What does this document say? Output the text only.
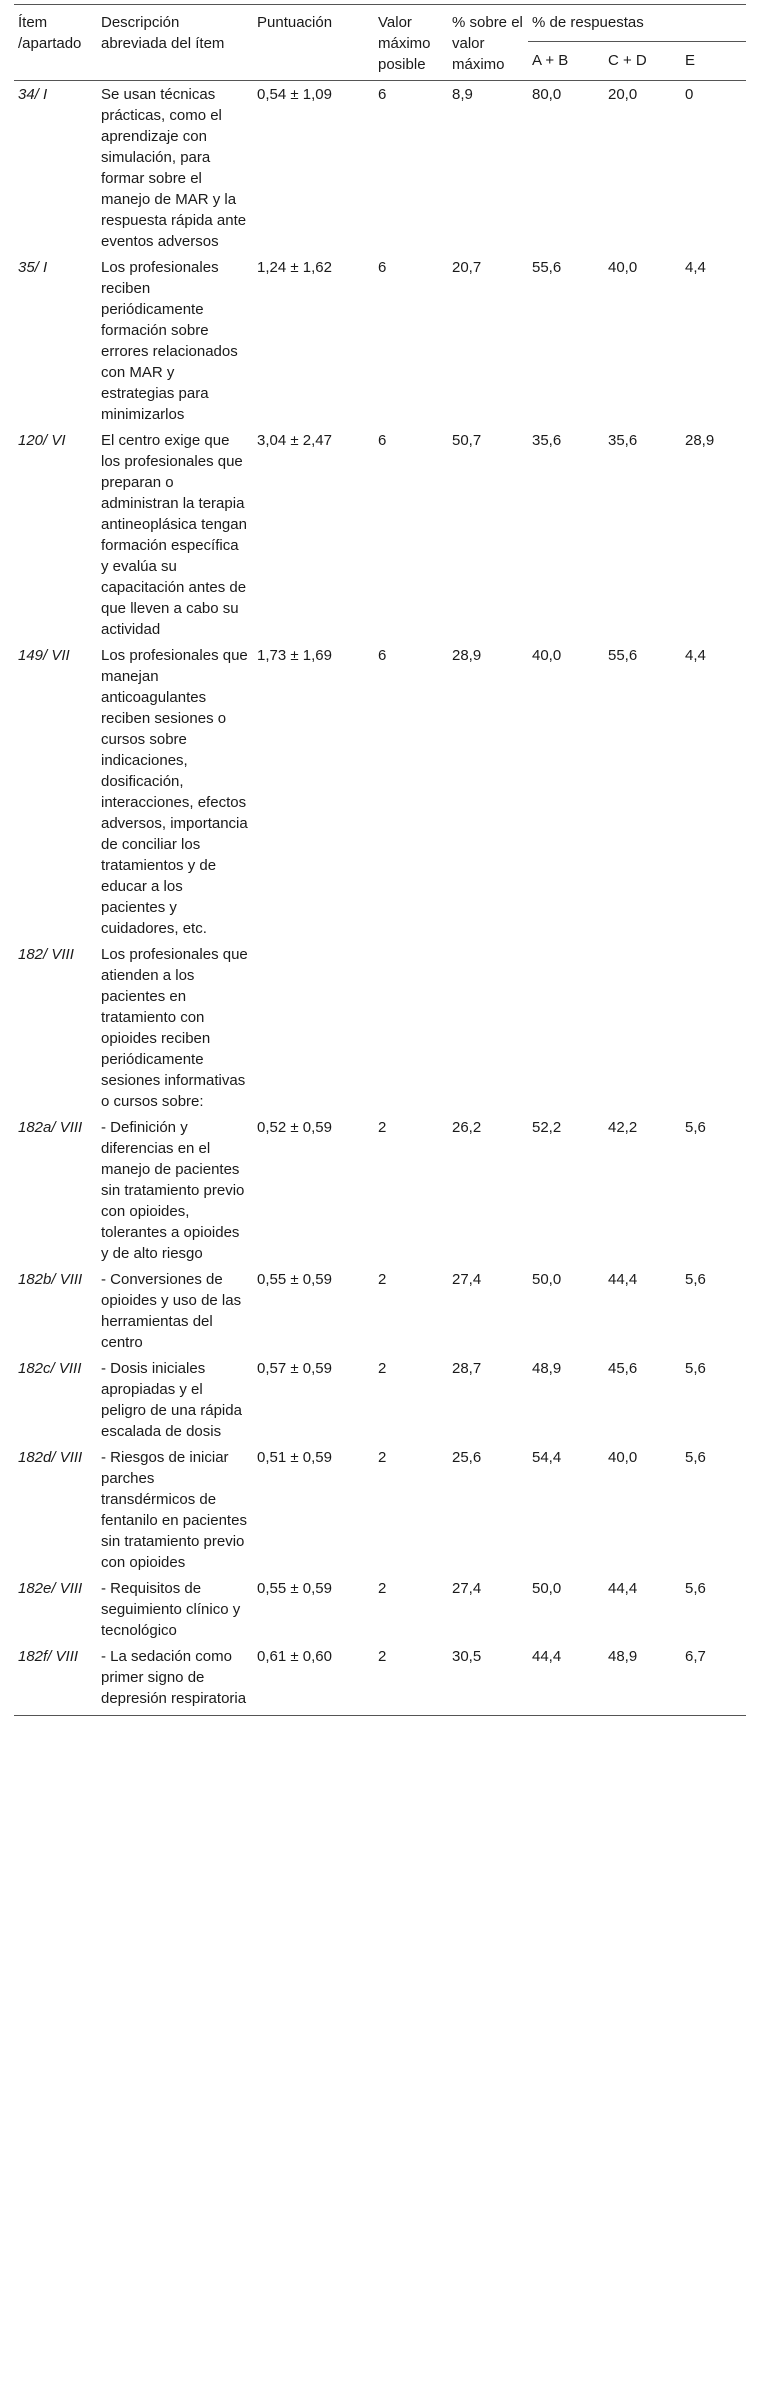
Ítem /apartado	Descripción abreviada del ítem	Puntuación	Valor máximo posible	% sobre el valor máximo	% de respuestas		
					A + B	C + D	E
34/ I	Se usan técnicas prácticas, como el aprendizaje con simulación, para formar sobre el manejo de MAR y la respuesta rápida ante eventos adversos	0,54 ± 1,09	6	8,9	80,0	20,0	0
35/ I	Los profesionales reciben periódicamente formación sobre errores relacionados con MAR y estrategias para minimizarlos	1,24 ± 1,62	6	20,7	55,6	40,0	4,4
120/ VI	El centro exige que los profesionales que preparan o administran la terapia antineoplásica tengan formación específica y evalúa su capacitación antes de que lleven a cabo su actividad	3,04 ± 2,47	6	50,7	35,6	35,6	28,9
149/ VII	Los profesionales que manejan anticoagulantes reciben sesiones o cursos sobre indicaciones, dosificación, interacciones, efectos adversos, importancia de conciliar los tratamientos y de educar a los pacientes y cuidadores, etc.	1,73 ± 1,69	6	28,9	40,0	55,6	4,4
182/ VIII	Los profesionales que atienden a los pacientes en tratamiento con opioides reciben periódicamente sesiones informativas o cursos sobre:						
182a/ VIII	- Definición y diferencias en el manejo de pacientes sin tratamiento previo con opioides, tolerantes a opioides y de alto riesgo	0,52 ± 0,59	2	26,2	52,2	42,2	5,6
182b/ VIII	- Conversiones de opioides y uso de las herramientas del centro	0,55 ± 0,59	2	27,4	50,0	44,4	5,6
182c/ VIII	- Dosis iniciales apropiadas y el peligro de una rápida escalada de dosis	0,57 ± 0,59	2	28,7	48,9	45,6	5,6
182d/ VIII	- Riesgos de iniciar parches transdérmicos de fentanilo en pacientes sin tratamiento previo con opioides	0,51 ± 0,59	2	25,6	54,4	40,0	5,6
182e/ VIII	- Requisitos de seguimiento clínico y tecnológico	0,55 ± 0,59	2	27,4	50,0	44,4	5,6
182f/ VIII	- La sedación como primer signo de depresión respiratoria	0,61 ± 0,60	2	30,5	44,4	48,9	6,7
